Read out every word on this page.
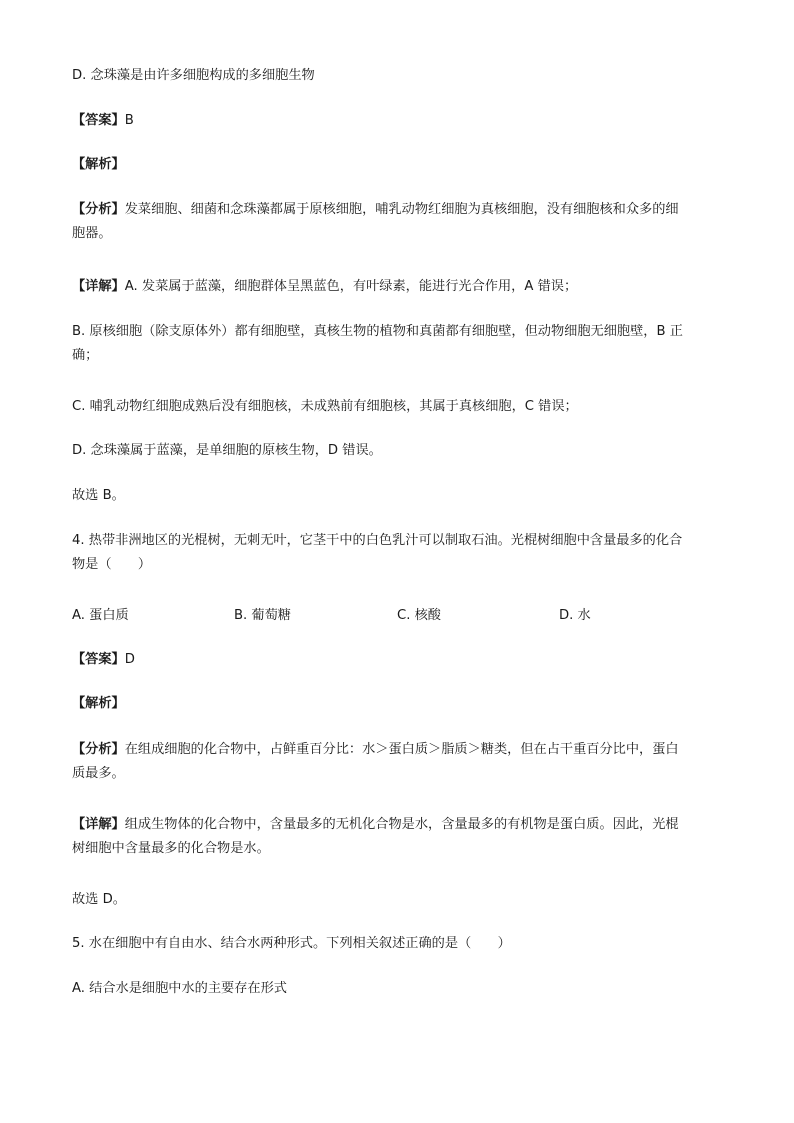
D. 念珠藻是由许多细胞构成的多细胞生物

【答案】B

【解析】

【分析】发菜细胞、细菌和念珠藻都属于原核细胞，哺乳动物红细胞为真核细胞，没有细胞核和众多的细

胞器。

【详解】A. 发菜属于蓝藻，细胞群体呈黑蓝色，有叶绿素，能进行光合作用，A 错误；

B. 原核细胞（除支原体外）都有细胞壁，真核生物的植物和真菌都有细胞壁，但动物细胞无细胞壁，B 正

确；

C. 哺乳动物红细胞成熟后没有细胞核，未成熟前有细胞核，其属于真核细胞，C 错误；

D. 念珠藻属于蓝藻，是单细胞的原核生物，D 错误。

故选 B。

4. 热带非洲地区的光棍树，无刺无叶，它茎干中的白色乳汁可以制取石油。光棍树细胞中含量最多的化合

物是（　　）

A. 蛋白质	B. 葡萄糖	C. 核酸	D. 水

【答案】D

【解析】

【分析】在组成细胞的化合物中，占鲜重百分比：水＞蛋白质＞脂质＞糖类，但在占干重百分比中，蛋白

质最多。

【详解】组成生物体的化合物中，含量最多的无机化合物是水，含量最多的有机物是蛋白质。因此，光棍

树细胞中含量最多的化合物是水。

故选 D。

5. 水在细胞中有自由水、结合水两种形式。下列相关叙述正确的是（　　）

A. 结合水是细胞中水的主要存在形式
